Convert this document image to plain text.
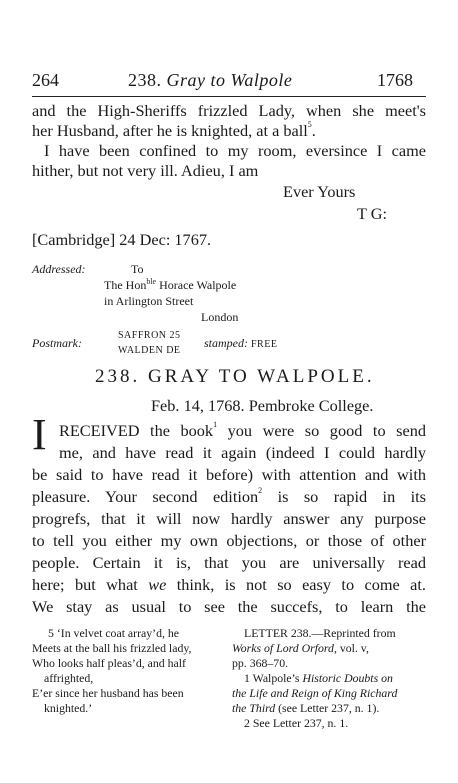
264	238. Gray to Walpole	1768
and the High-Sheriffs frizzled Lady, when she meet's
her Husband, after he is knighted, at a ball$^5$.
I have been confined to my room, eversince I came
hither, but not very ill. Adieu, I am
Ever Yours
T G:
[Cambridge] 24 Dec: 1767.
Addressed:	To
The Hon$^{ble}$ Horace Walpole
in Arlington Street
London
Postmark:
SAFFRON 25
WALDEN DE
stamped: FREE
238. GRAY TO WALPOLE.
Feb. 14, 1768. Pembroke College.
I RECEIVED the book$^1$ you were so good to send
me, and have read it again (indeed I could hardly
be said to have read it before) with attention and with
pleasure. Your second edition$^2$ is so rapid in its
progrefs, that it will now hardly answer any purpose
to tell you either my own objections, or those of other
people. Certain it is, that you are universally read
here; but what we think, is not so easy to come at.
We stay as usual to see the succefs, to learn the
5 ‘In velvet coat array’d, he
Meets at the ball his frizzled lady,
Who looks half pleas’d, and half
affrighted,
E’er since her husband has been
knighted.’
LETTER 238.—Reprinted from
Works of Lord Orford, vol. v,
pp. 368–70.
1 Walpole’s Historic Doubts on
the Life and Reign of King Richard
the Third (see Letter 237, n. 1).
2 See Letter 237, n. 1.
